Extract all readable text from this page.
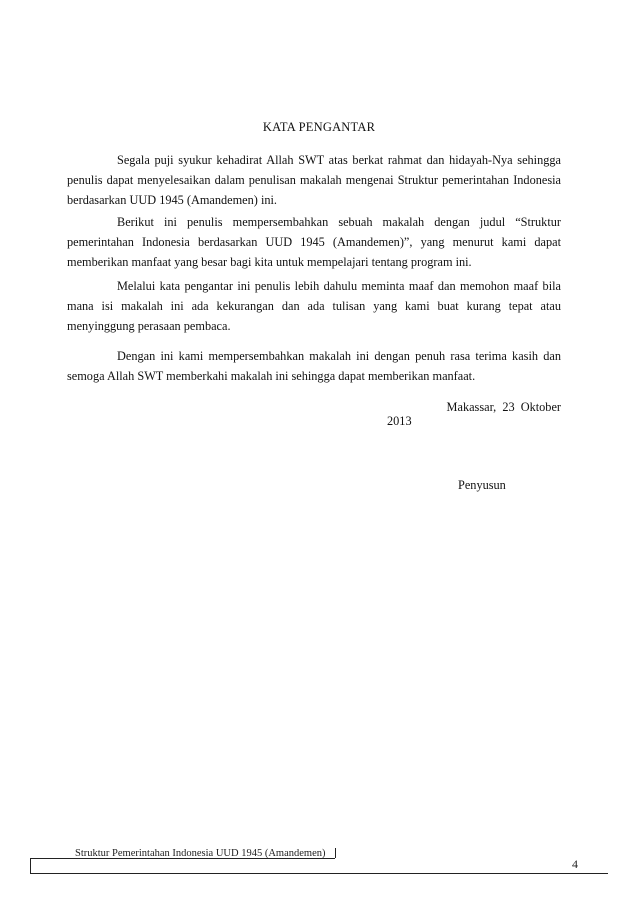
KATA PENGANTAR

Segala puji syukur kehadirat Allah SWT atas berkat rahmat dan hidayah-Nya sehingga penulis dapat menyelesaikan dalam penulisan makalah mengenai Struktur pemerintahan Indonesia berdasarkan UUD 1945 (Amandemen) ini.

Berikut ini penulis mempersembahkan sebuah makalah dengan judul “Struktur pemerintahan Indonesia berdasarkan UUD 1945 (Amandemen)”, yang menurut kami dapat memberikan manfaat yang besar bagi kita untuk mempelajari tentang program ini.

Melalui kata pengantar ini penulis lebih dahulu meminta maaf dan memohon maaf bila mana isi makalah ini ada kekurangan dan ada tulisan yang kami buat kurang tepat atau menyinggung perasaan pembaca.

Dengan ini kami mempersembahkan makalah ini dengan penuh rasa terima kasih dan semoga Allah SWT memberkahi makalah ini sehingga dapat memberikan manfaat.

Makassar, 23 Oktober
2013
Penyusun
Struktur Pemerintahan Indonesia UUD 1945 (Amandemen)
4
